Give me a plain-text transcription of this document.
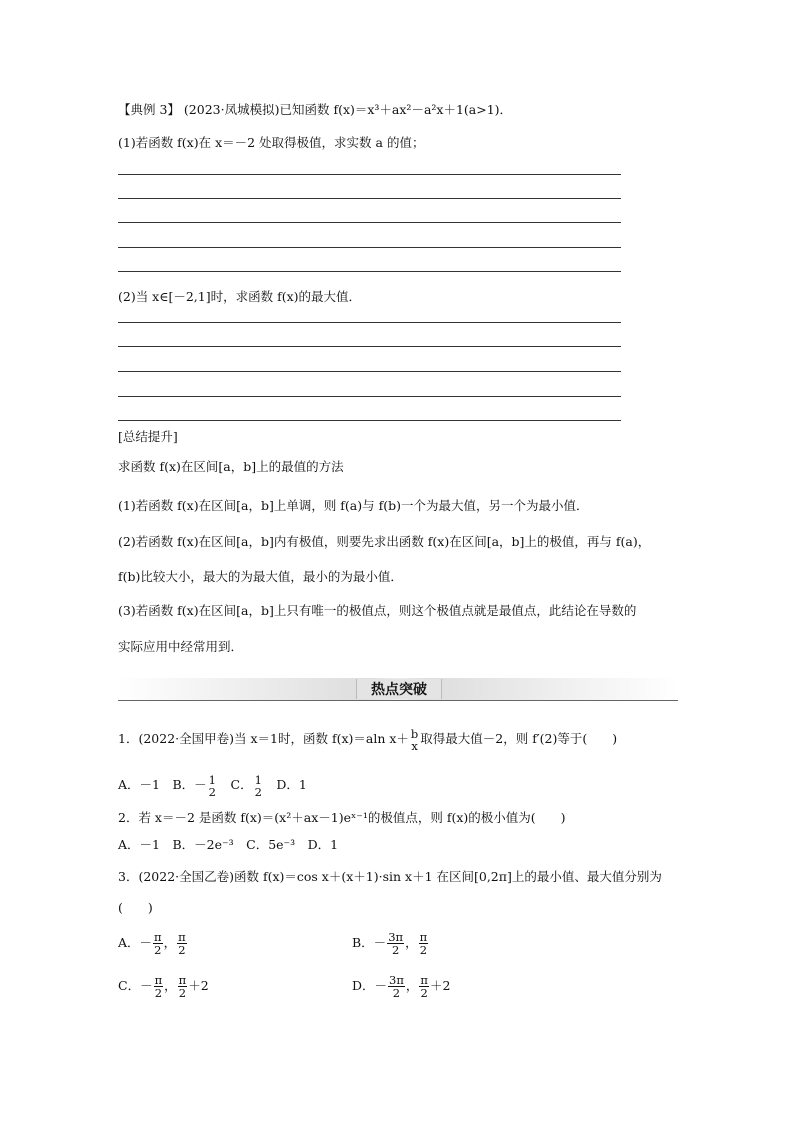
【典例 3】 (2023·凤城模拟)已知函数 f(x)＝x³＋ax²－a²x＋1(a>1)．
(1)若函数 f(x)在 x＝－2 处取得极值，求实数 a 的值；
(2)当 x∈[－2,1]时，求函数 f(x)的最大值．
[总结提升]
求函数 f(x)在区间[a，b]上的最值的方法
(1)若函数 f(x)在区间[a，b]上单调，则 f(a)与 f(b)一个为最大值，另一个为最小值．
(2)若函数 f(x)在区间[a，b]内有极值，则要先求出函数 f(x)在区间[a，b]上的极值，再与 f(a)，
f(b)比较大小，最大的为最大值，最小的为最小值．
(3)若函数 f(x)在区间[a，b]上只有唯一的极值点，则这个极值点就是最值点，此结论在导数的
实际应用中经常用到．
热点突破
1．(2022·全国甲卷)当 x＝1时，函数 f(x)＝aln x＋ b
x 取得最大值－2，则 f′(2)等于(　　)
A．－1　B．－ 1
2 　C． 1
2 　D．1
2．若 x＝－2 是函数 f(x)＝(x²＋ax－1)eˣ⁻¹的极值点，则 f(x)的极小值为(　　)
A．－1　B．－2e⁻³　C．5e⁻³　D．1
3．(2022·全国乙卷)函数 f(x)＝cos x＋(x＋1)·sin x＋1 在区间[0,2π]上的最小值、最大值分别为
(　　)
A．－ $\frac{\pi}{2}$ ， $\frac{\pi}{2}$	B．－ $\frac{3\pi}{2}$ ， $\frac{\pi}{2}$
C．－ $\frac{\pi}{2}$ ， $\frac{\pi}{2} +2$	D．－ $\frac{3\pi}{2}$ ， $\frac{\pi}{2} +2$
